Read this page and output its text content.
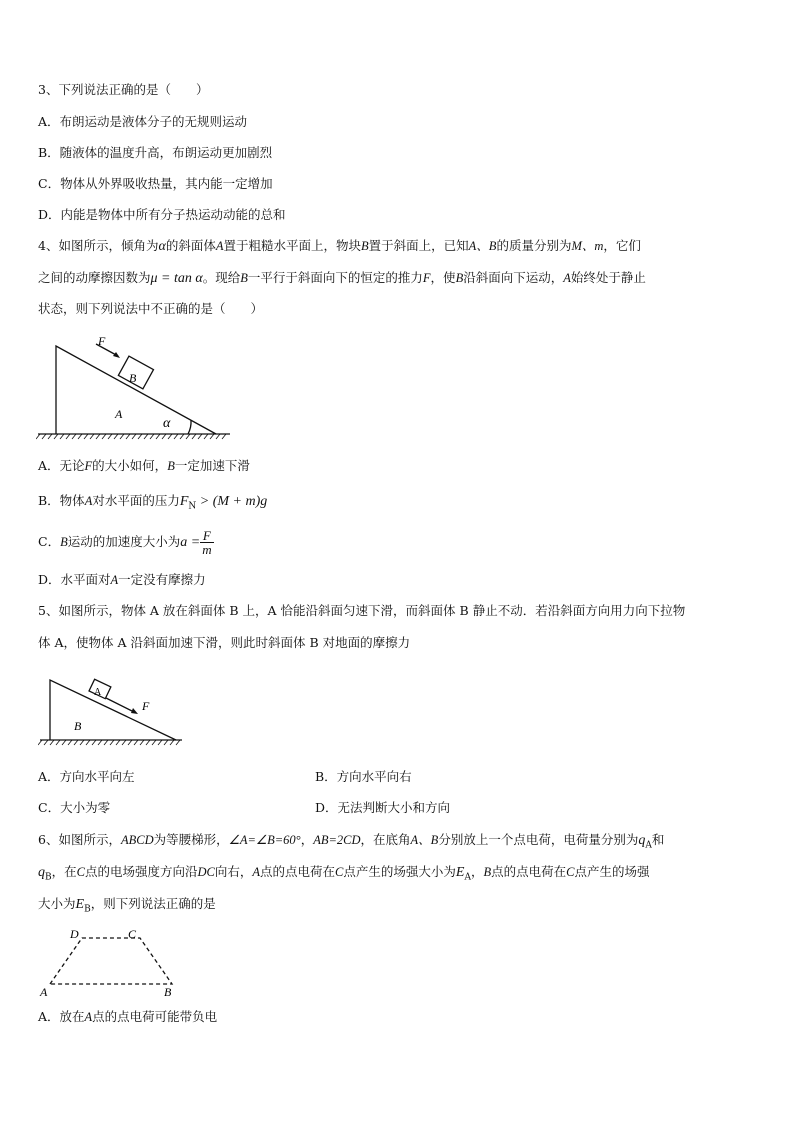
3、下列说法正确的是（　　）
A．布朗运动是液体分子的无规则运动
B．随液体的温度升高，布朗运动更加剧烈
C．物体从外界吸收热量，其内能一定增加
D．内能是物体中所有分子热运动动能的总和
4、如图所示，倾角为α的斜面体A置于粗糙水平面上，物块B置于斜面上，已知A、B的质量分别为M、m，它们
之间的动摩擦因数为μ = tan α。现给B一平行于斜面向下的恒定的推力F，使B沿斜面向下运动，A始终处于静止
状态，则下列说法中不正确的是（　　）
F
B
A
α
A．无论F的大小如何，B一定加速下滑
B．物体A对水平面的压力$F_N > (M + m)g$
C．B运动的加速度大小为$a = \frac{F}{m}$
D．水平面对A一定没有摩擦力
5、如图所示，物体 A 放在斜面体 B 上，A 恰能沿斜面匀速下滑，而斜面体 B 静止不动．若沿斜面方向用力向下拉物
体 A，使物体 A 沿斜面加速下滑，则此时斜面体 B 对地面的摩擦力
A
B
F
A．方向水平向左	B．方向水平向右
C．大小为零	D．无法判断大小和方向
6、如图所示，ABCD为等腰梯形，∠A=∠B=60°，AB=2CD，在底角A、B分别放上一个点电荷，电荷量分别为$q_A$和
$q_B$，在C点的电场强度方向沿DC向右，A点的点电荷在C点产生的场强大小为$E_A$，B点的点电荷在C点产生的场强
大小为$E_B$，则下列说法正确的是
D	C
A	B
A．放在A点的点电荷可能带负电
